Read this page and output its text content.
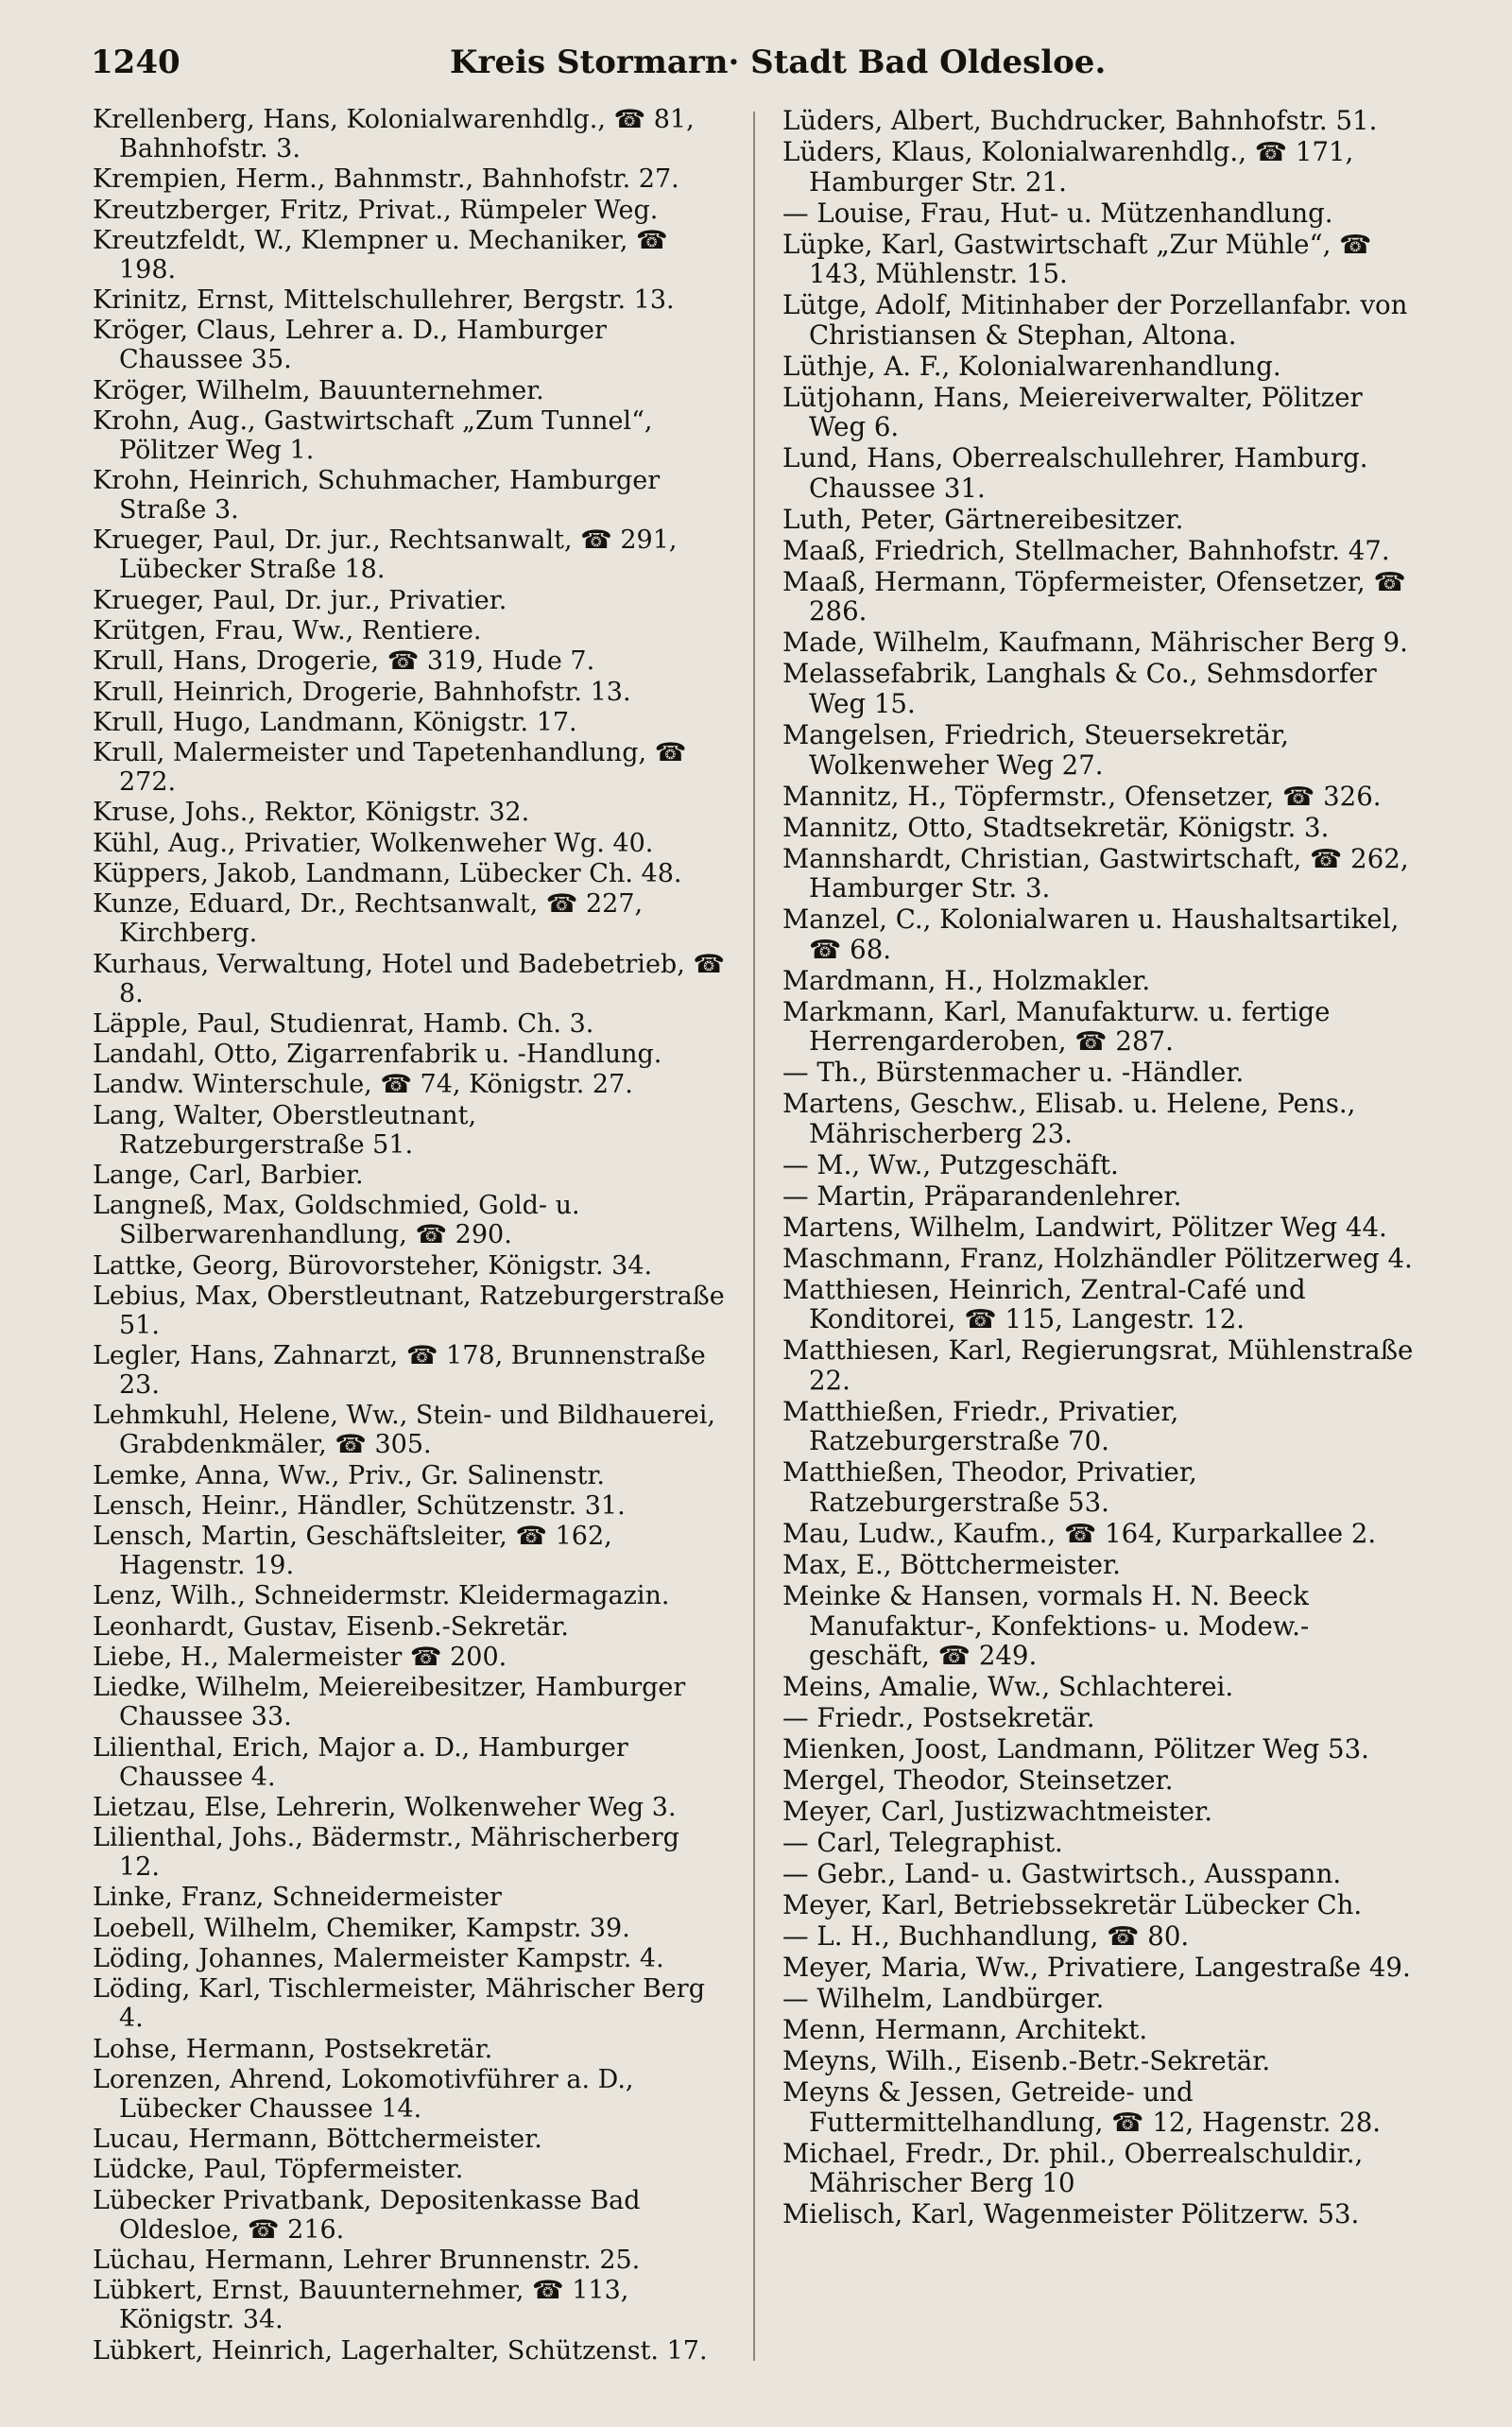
1240	Kreis Stormarn· Stadt Bad Oldesloe.

Krellenberg, Hans, Kolonialwarenhdlg., ☎ 81, Bahnhofstr. 3.

Krempien, Herm., Bahnmstr., Bahnhofstr. 27.

Kreutzberger, Fritz, Privat., Rümpeler Weg.

Kreutzfeldt, W., Klempner u. Mechaniker, ☎ 198.

Krinitz, Ernst, Mittelschullehrer, Bergstr. 13.

Kröger, Claus, Lehrer a. D., Hamburger Chaussee 35.

Kröger, Wilhelm, Bauunternehmer.

Krohn, Aug., Gastwirtschaft „Zum Tunnel“, Pölitzer Weg 1.

Krohn, Heinrich, Schuhmacher, Hamburger Straße 3.

Krueger, Paul, Dr. jur., Rechtsanwalt, ☎ 291, Lübecker Straße 18.

Krueger, Paul, Dr. jur., Privatier.

Krütgen, Frau, Ww., Rentiere.

Krull, Hans, Drogerie, ☎ 319, Hude 7.

Krull, Heinrich, Drogerie, Bahnhofstr. 13.

Krull, Hugo, Landmann, Königstr. 17.

Krull, Malermeister und Tapetenhandlung, ☎ 272.

Kruse, Johs., Rektor, Königstr. 32.

Kühl, Aug., Privatier, Wolkenweher Wg. 40.

Küppers, Jakob, Landmann, Lübecker Ch. 48.

Kunze, Eduard, Dr., Rechtsanwalt, ☎ 227, Kirchberg.

Kurhaus, Verwaltung, Hotel und Badebetrieb, ☎ 8.

Läpple, Paul, Studienrat, Hamb. Ch. 3.

Landahl, Otto, Zigarrenfabrik u. -Handlung.

Landw. Winterschule, ☎ 74, Königstr. 27.

Lang, Walter, Oberstleutnant, Ratzeburgerstraße 51.

Lange, Carl, Barbier.

Langneß, Max, Goldschmied, Gold- u. Silberwarenhandlung, ☎ 290.

Lattke, Georg, Bürovorsteher, Königstr. 34.

Lebius, Max, Oberstleutnant, Ratzeburgerstraße 51.

Legler, Hans, Zahnarzt, ☎ 178, Brunnenstraße 23.

Lehmkuhl, Helene, Ww., Stein- und Bildhauerei, Grabdenkmäler, ☎ 305.

Lemke, Anna, Ww., Priv., Gr. Salinenstr.

Lensch, Heinr., Händler, Schützenstr. 31.

Lensch, Martin, Geschäftsleiter, ☎ 162, Hagenstr. 19.

Lenz, Wilh., Schneidermstr. Kleidermagazin.

Leonhardt, Gustav, Eisenb.-Sekretär.

Liebe, H., Malermeister ☎ 200.

Liedke, Wilhelm, Meiereibesitzer, Hamburger Chaussee 33.

Lilienthal, Erich, Major a. D., Hamburger Chaussee 4.

Lietzau, Else, Lehrerin, Wolkenweher Weg 3.

Lilienthal, Johs., Bädermstr., Mährischerberg 12.

Linke, Franz, Schneidermeister

Loebell, Wilhelm, Chemiker, Kampstr. 39.

Löding, Johannes, Malermeister Kampstr. 4.

Löding, Karl, Tischlermeister, Mährischer Berg 4.

Lohse, Hermann, Postsekretär.

Lorenzen, Ahrend, Lokomotivführer a. D., Lübecker Chaussee 14.

Lucau, Hermann, Böttchermeister.

Lüdcke, Paul, Töpfermeister.

Lübecker Privatbank, Depositenkasse Bad Oldesloe, ☎ 216.

Lüchau, Hermann, Lehrer Brunnenstr. 25.

Lübkert, Ernst, Bauunternehmer, ☎ 113, Königstr. 34.

Lübkert, Heinrich, Lagerhalter, Schützenst. 17.

Lüders, Albert, Buchdrucker, Bahnhofstr. 51.

Lüders, Klaus, Kolonialwarenhdlg., ☎ 171, Hamburger Str. 21.

— Louise, Frau, Hut- u. Mützenhandlung.

Lüpke, Karl, Gastwirtschaft „Zur Mühle“, ☎ 143, Mühlenstr. 15.

Lütge, Adolf, Mitinhaber der Porzellanfabr. von Christiansen & Stephan, Altona.

Lüthje, A. F., Kolonialwarenhandlung.

Lütjohann, Hans, Meiereiverwalter, Pölitzer Weg 6.

Lund, Hans, Oberrealschullehrer, Hamburg. Chaussee 31.

Luth, Peter, Gärtnereibesitzer.

Maaß, Friedrich, Stellmacher, Bahnhofstr. 47.

Maaß, Hermann, Töpfermeister, Ofensetzer, ☎ 286.

Made, Wilhelm, Kaufmann, Mährischer Berg 9.

Melassefabrik, Langhals & Co., Sehmsdorfer Weg 15.

Mangelsen, Friedrich, Steuersekretär, Wolkenweher Weg 27.

Mannitz, H., Töpfermstr., Ofensetzer, ☎ 326.

Mannitz, Otto, Stadtsekretär, Königstr. 3.

Mannshardt, Christian, Gastwirtschaft, ☎ 262, Hamburger Str. 3.

Manzel, C., Kolonialwaren u. Haushaltsartikel, ☎ 68.

Mardmann, H., Holzmakler.

Markmann, Karl, Manufakturw. u. fertige Herrengarderoben, ☎ 287.

— Th., Bürstenmacher u. -Händler.

Martens, Geschw., Elisab. u. Helene, Pens., Mährischerberg 23.

— M., Ww., Putzgeschäft.

— Martin, Präparandenlehrer.

Martens, Wilhelm, Landwirt, Pölitzer Weg 44.

Maschmann, Franz, Holzhändler Pölitzerweg 4.

Matthiesen, Heinrich, Zentral-Café und Konditorei, ☎ 115, Langestr. 12.

Matthiesen, Karl, Regierungsrat, Mühlenstraße 22.

Matthießen, Friedr., Privatier, Ratzeburgerstraße 70.

Matthießen, Theodor, Privatier, Ratzeburgerstraße 53.

Mau, Ludw., Kaufm., ☎ 164, Kurparkallee 2.

Max, E., Böttchermeister.

Meinke & Hansen, vormals H. N. Beeck Manufaktur-, Konfektions- u. Modew.-geschäft, ☎ 249.

Meins, Amalie, Ww., Schlachterei.

— Friedr., Postsekretär.

Mienken, Joost, Landmann, Pölitzer Weg 53.

Mergel, Theodor, Steinsetzer.

Meyer, Carl, Justizwachtmeister.

— Carl, Telegraphist.

— Gebr., Land- u. Gastwirtsch., Ausspann.

Meyer, Karl, Betriebssekretär Lübecker Ch.

— L. H., Buchhandlung, ☎ 80.

Meyer, Maria, Ww., Privatiere, Langestraße 49.

— Wilhelm, Landbürger.

Menn, Hermann, Architekt.

Meyns, Wilh., Eisenb.-Betr.-Sekretär.

Meyns & Jessen, Getreide- und Futtermittelhandlung, ☎ 12, Hagenstr. 28.

Michael, Fredr., Dr. phil., Oberrealschuldir., Mährischer Berg 10

Mielisch, Karl, Wagenmeister Pölitzerw. 53.
